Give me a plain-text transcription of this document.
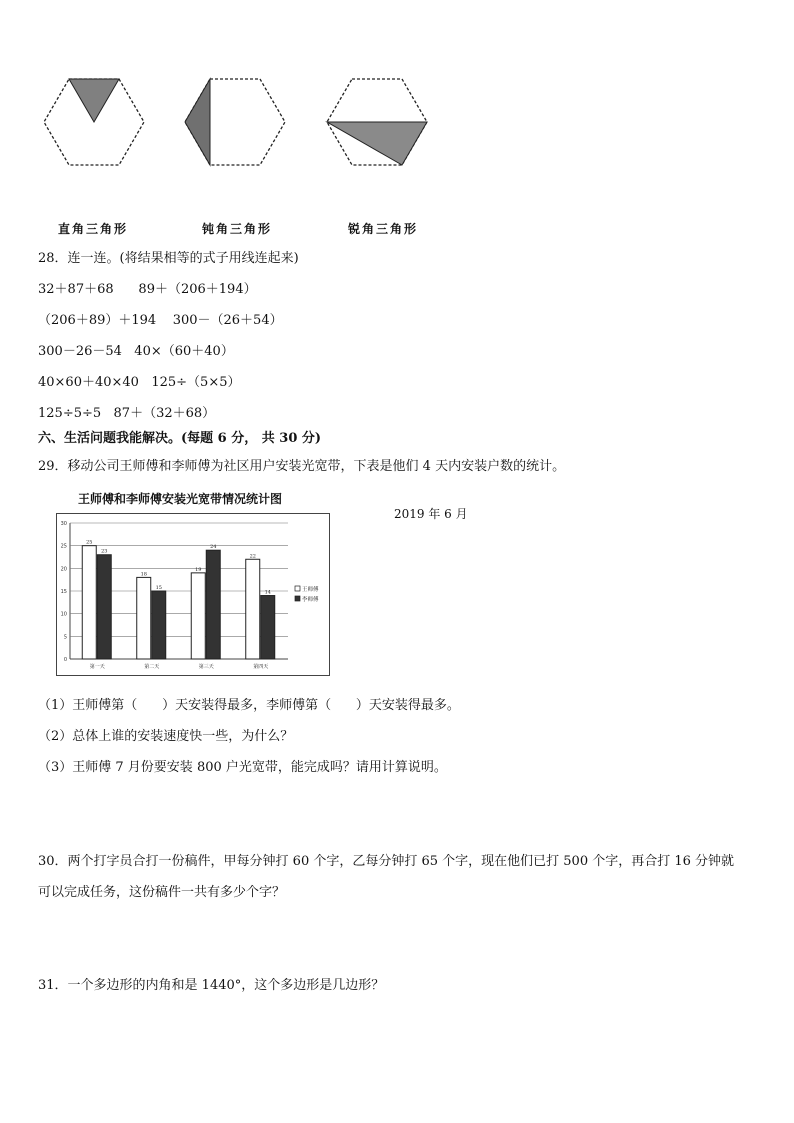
直角三角形	钝角三角形	锐角三角形
28．连一连。(将结果相等的式子用线连起来)
32＋87＋68      89＋（206＋194）
（206＋89）＋194    300－（26＋54）
300－26－54   40×（60＋40）
40×60＋40×40   125÷（5×5）
125÷5÷5   87＋（32＋68）
六、生活问题我能解决。(每题 6 分， 共 30 分)
29．移动公司王师傅和李师傅为社区用户安装光宽带，下表是他们 4 天内安装户数的统计。
王师傅和李师傅安装光宽带情况统计图
2019 年 6 月
0
5
10
15
20
25
30
25
23
第一天
18
15
第二天
19
24
第三天
22
14
第四天
王师傅
李师傅
（1）王师傅第（      ）天安装得最多，李师傅第（      ）天安装得最多。
（2）总体上谁的安装速度快一些，为什么？
（3）王师傅 7 月份要安装 800 户光宽带，能完成吗？请用计算说明。
30．两个打字员合打一份稿件，甲每分钟打 60 个字，乙每分钟打 65 个字，现在他们已打 500 个字，再合打 16 分钟就
可以完成任务，这份稿件一共有多少个字？
31．一个多边形的内角和是 1440°，这个多边形是几边形？
